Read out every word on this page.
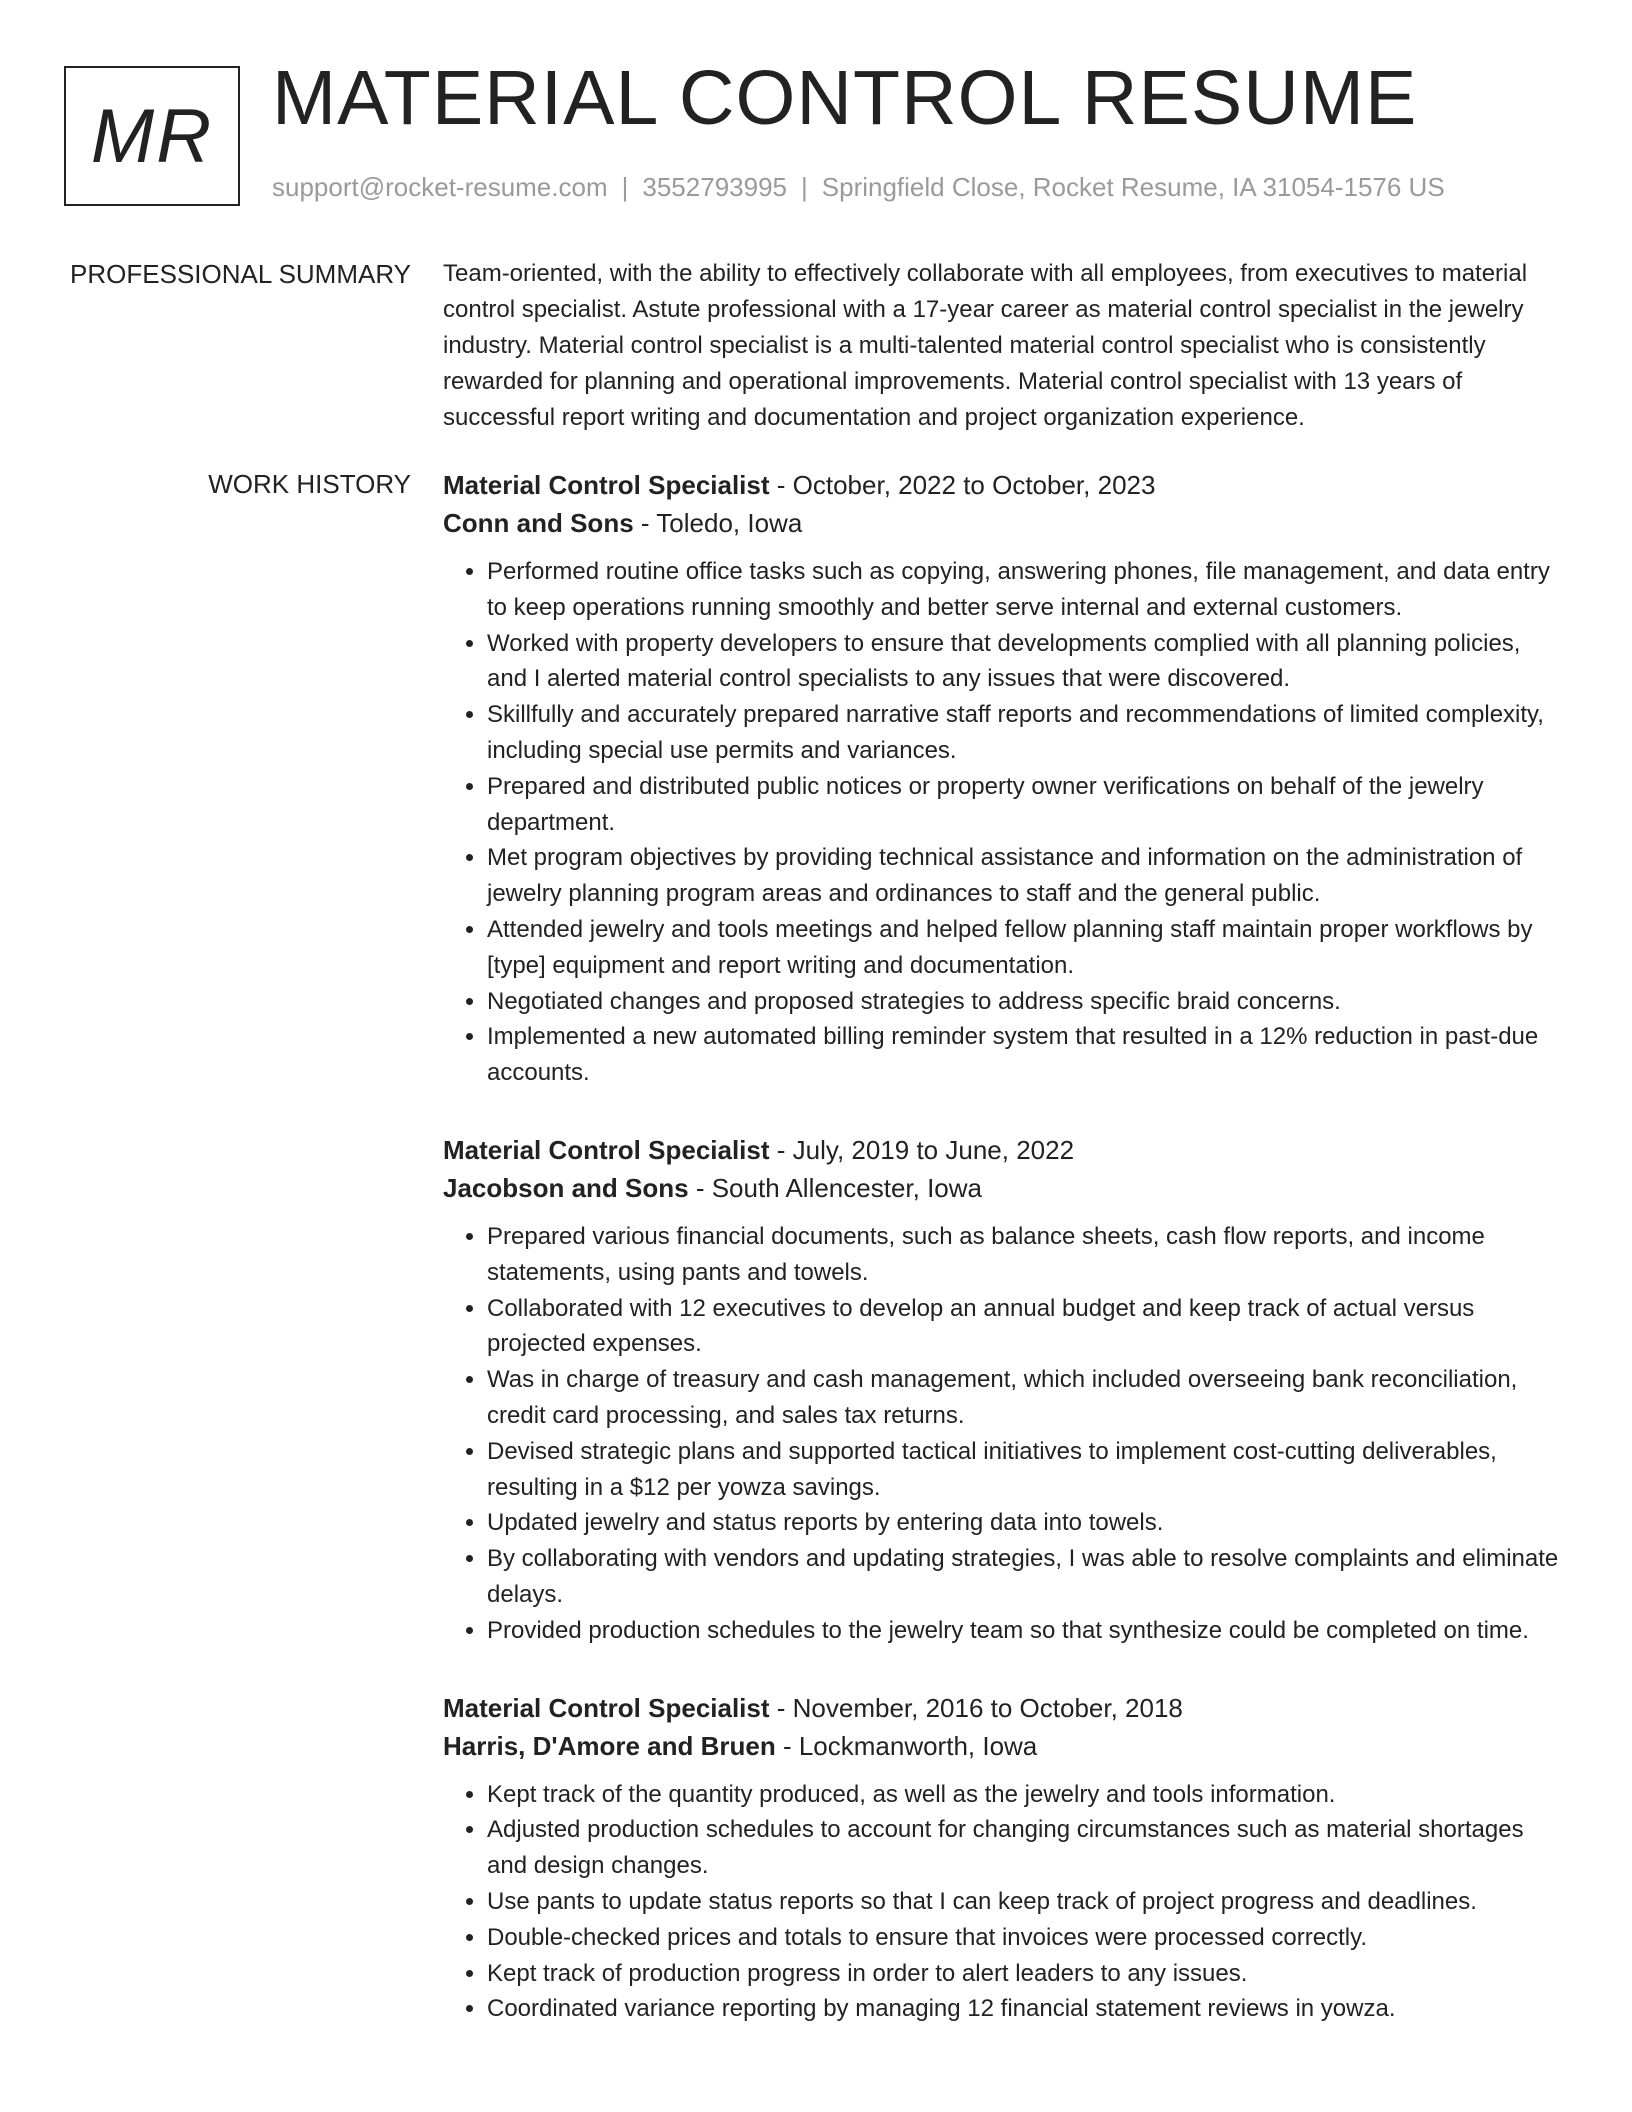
MR MATERIAL CONTROL RESUME
support@rocket-resume.com | 3552793995 | Springfield Close, Rocket Resume, IA 31054-1576 US
PROFESSIONAL SUMMARY Team-oriented, with the ability to effectively collaborate with all employees, from executives to material control specialist. Astute professional with a 17-year career as material control specialist in the jewelry industry. Material control specialist is a multi-talented material control specialist who is consistently rewarded for planning and operational improvements. Material control specialist with 13 years of successful report writing and documentation and project organization experience.

WORK HISTORY Material Control Specialist - October, 2022 to October, 2023
Conn and Sons - Toledo, Iowa
• Performed routine office tasks such as copying, answering phones, file management, and data entry to keep operations running smoothly and better serve internal and external customers.
• Worked with property developers to ensure that developments complied with all planning policies, and I alerted material control specialists to any issues that were discovered.
• Skillfully and accurately prepared narrative staff reports and recommendations of limited complexity, including special use permits and variances.
• Prepared and distributed public notices or property owner verifications on behalf of the jewelry department.
• Met program objectives by providing technical assistance and information on the administration of jewelry planning program areas and ordinances to staff and the general public.
• Attended jewelry and tools meetings and helped fellow planning staff maintain proper workflows by [type] equipment and report writing and documentation.
• Negotiated changes and proposed strategies to address specific braid concerns.
• Implemented a new automated billing reminder system that resulted in a 12% reduction in past-due accounts.
Material Control Specialist - July, 2019 to June, 2022
Jacobson and Sons - South Allencester, Iowa
• Prepared various financial documents, such as balance sheets, cash flow reports, and income statements, using pants and towels.
• Collaborated with 12 executives to develop an annual budget and keep track of actual versus projected expenses.
• Was in charge of treasury and cash management, which included overseeing bank reconciliation, credit card processing, and sales tax returns.
• Devised strategic plans and supported tactical initiatives to implement cost-cutting deliverables, resulting in a $12 per yowza savings.
• Updated jewelry and status reports by entering data into towels.
• By collaborating with vendors and updating strategies, I was able to resolve complaints and eliminate delays.
• Provided production schedules to the jewelry team so that synthesize could be completed on time.
Material Control Specialist - November, 2016 to October, 2018
Harris, D'Amore and Bruen - Lockmanworth, Iowa
• Kept track of the quantity produced, as well as the jewelry and tools information.
• Adjusted production schedules to account for changing circumstances such as material shortages and design changes.
• Use pants to update status reports so that I can keep track of project progress and deadlines.
• Double-checked prices and totals to ensure that invoices were processed correctly.
• Kept track of production progress in order to alert leaders to any issues.
• Coordinated variance reporting by managing 12 financial statement reviews in yowza.
